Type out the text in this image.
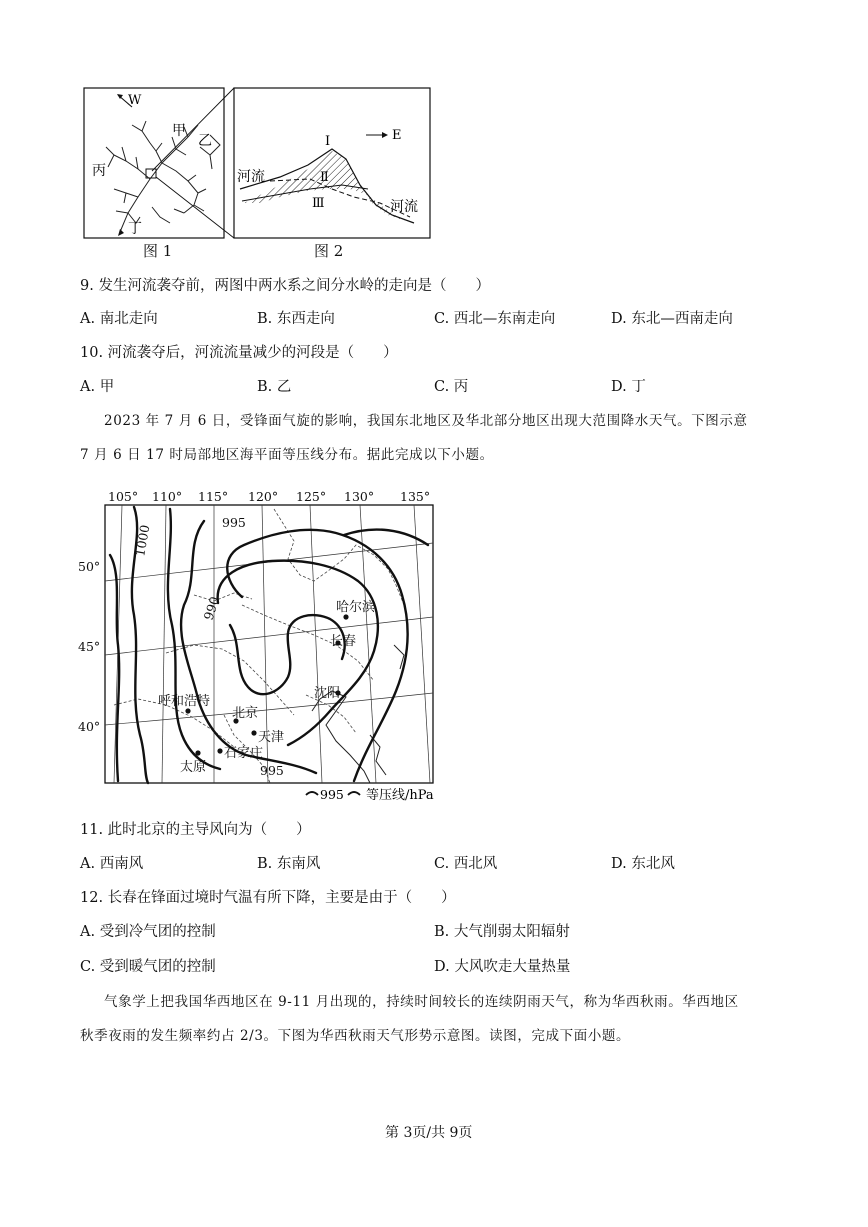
甲
乙
丙
丁
W
I
Ⅱ
Ⅲ
E
河流
河流
图 1	图 2
9. 发生河流袭夺前，两图中两水系之间分水岭的走向是（　　）
A. 南北走向	B. 东西走向	C. 西北—东南走向	D. 东北—西南走向
10. 河流袭夺后，河流流量减少的河段是（　　）
A. 甲	B. 乙	C. 丙	D. 丁
2023 年 7 月 6 日，受锋面气旋的影响，我国东北地区及华北部分地区出现大范围降水天气。下图示意
7 月 6 日 17 时局部地区海平面等压线分布。据此完成以下小题。
105° 110° 115° 120° 125° 130° 135°
50°
45°
40°
1000
995
990
995
哈尔滨
长春
沈阳
呼和浩特
北京
天津
太原
石家庄
995 等压线/hPa
11. 此时北京的主导风向为（　　）
A. 西南风	B. 东南风	C. 西北风	D. 东北风
12. 长春在锋面过境时气温有所下降，主要是由于（　　）
A. 受到冷气团的控制	B. 大气削弱太阳辐射
C. 受到暖气团的控制	D. 大风吹走大量热量
气象学上把我国华西地区在 9-11 月出现的，持续时间较长的连续阴雨天气，称为华西秋雨。华西地区
秋季夜雨的发生频率约占 2/3。下图为华西秋雨天气形势示意图。读图，完成下面小题。
第 3页/共 9页
